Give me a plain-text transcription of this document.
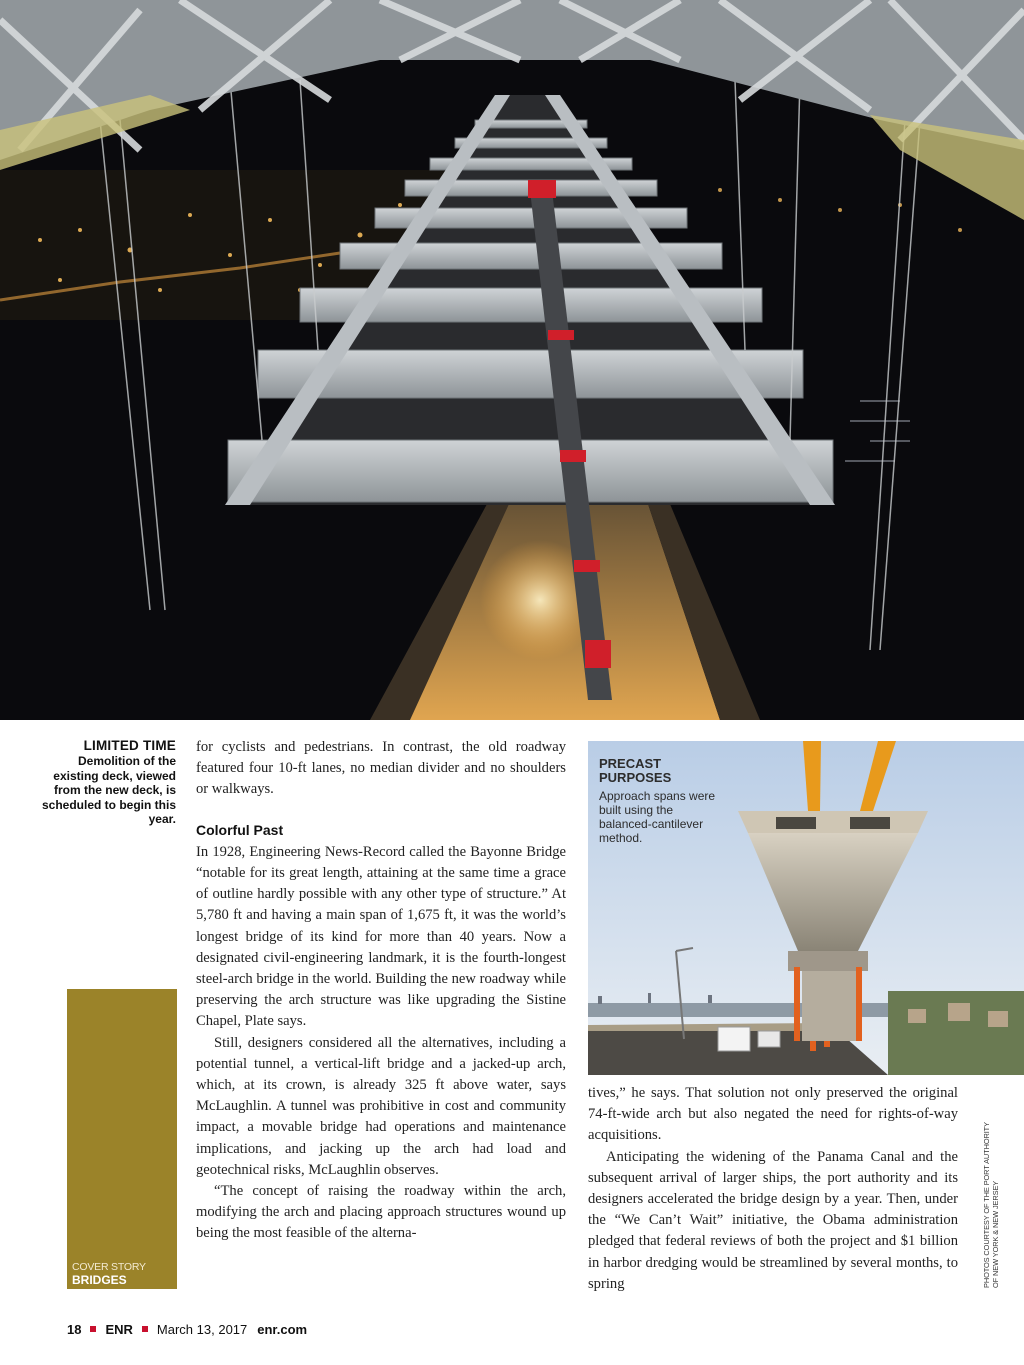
LIMITED TIME
Demolition of the existing deck, viewed from the new deck, is scheduled to begin this year.
COVER STORY
BRIDGES

for cyclists and pedestrians. In contrast, the old roadway featured four 10-ft lanes, no median divider and no shoulders or walkways.

Colorful Past

In 1928, Engineering News-Record called the Bayonne Bridge “notable for its great length, attaining at the same time a grace of outline hardly possible with any other type of structure.” At 5,780 ft and having a main span of 1,675 ft, it was the world’s longest bridge of its kind for more than 40 years. Now a designated civil-engineering landmark, it is the fourth-longest steel-arch bridge in the world. Building the new roadway while preserving the arch structure was like upgrading the Sistine Chapel, Plate says.

Still, designers considered all the alternatives, including a potential tunnel, a vertical-lift bridge and a jacked-up arch, which, at its crown, is already 325 ft above water, says McLaughlin. A tunnel was prohibitive in cost and community impact, a movable bridge had operations and maintenance implications, and jacking up the arch had load and geotechnical risks, McLaughlin observes.

“The concept of raising the roadway within the arch, modifying the arch and placing approach structures wound up being the most feasible of the alterna-

PRECAST
PURPOSES
Approach spans were built using the balanced-cantilever method.

tives,” he says. That solution not only preserved the original 74-ft-wide arch but also negated the need for rights-of-way acquisitions.

Anticipating the widening of the Panama Canal and the subsequent arrival of larger ships, the port authority and its designers accelerated the bridge design by a year. Then, under the “We Can’t Wait” initiative, the Obama administration pledged that federal reviews of both the project and $1 billion in harbor dredging would be streamlined by several months, to spring	PHOTOS COURTESY OF THE PORT AUTHORITY OF NEW YORK & NEW JERSEY
18 ENR March 13, 2017 enr.com
